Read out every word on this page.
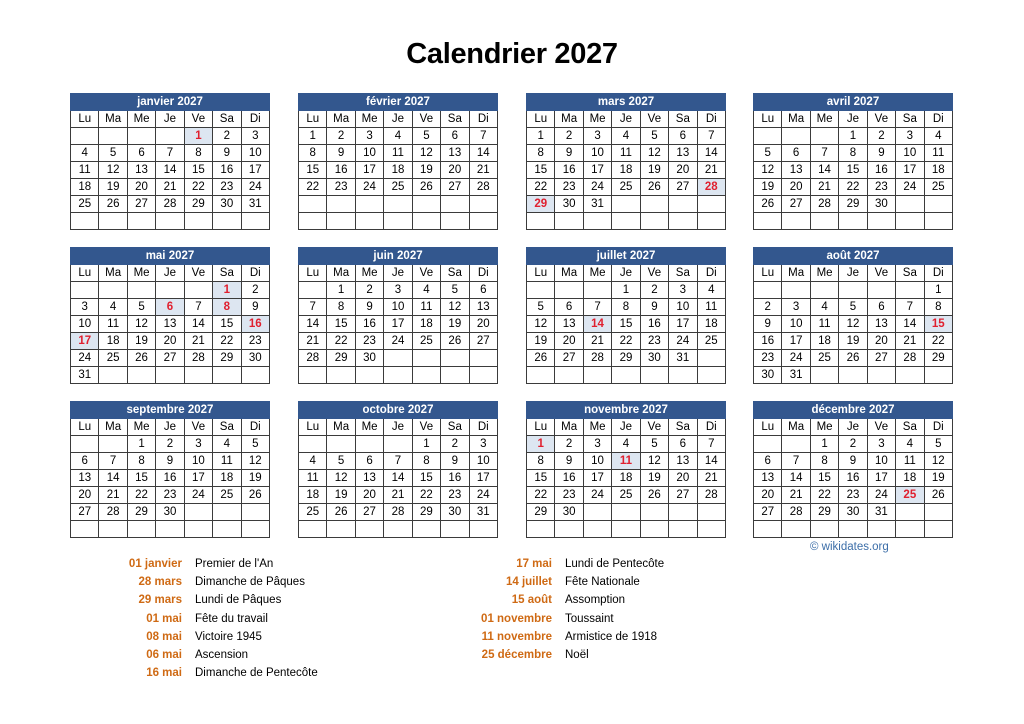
Calendrier 2027
janvier 2027						
Lu	Ma	Me	Je	Ve	Sa	Di
				1	2	3
4	5	6	7	8	9	10
11	12	13	14	15	16	17
18	19	20	21	22	23	24
25	26	27	28	29	30	31

février 2027						
Lu	Ma	Me	Je	Ve	Sa	Di
1	2	3	4	5	6	7
8	9	10	11	12	13	14
15	16	17	18	19	20	21
22	23	24	25	26	27	28

mars 2027						
Lu	Ma	Me	Je	Ve	Sa	Di
1	2	3	4	5	6	7
8	9	10	11	12	13	14
15	16	17	18	19	20	21
22	23	24	25	26	27	28
29	30	31				

avril 2027						
Lu	Ma	Me	Je	Ve	Sa	Di
			1	2	3	4
5	6	7	8	9	10	11
12	13	14	15	16	17	18
19	20	21	22	23	24	25
26	27	28	29	30		

mai 2027						
Lu	Ma	Me	Je	Ve	Sa	Di
					1	2
3	4	5	6	7	8	9
10	11	12	13	14	15	16
17	18	19	20	21	22	23
24	25	26	27	28	29	30
31						
juin 2027						
Lu	Ma	Me	Je	Ve	Sa	Di
	1	2	3	4	5	6
7	8	9	10	11	12	13
14	15	16	17	18	19	20
21	22	23	24	25	26	27
28	29	30				

juillet 2027						
Lu	Ma	Me	Je	Ve	Sa	Di
			1	2	3	4
5	6	7	8	9	10	11
12	13	14	15	16	17	18
19	20	21	22	23	24	25
26	27	28	29	30	31	

août 2027						
Lu	Ma	Me	Je	Ve	Sa	Di
						1
2	3	4	5	6	7	8
9	10	11	12	13	14	15
16	17	18	19	20	21	22
23	24	25	26	27	28	29
30	31					
septembre 2027						
Lu	Ma	Me	Je	Ve	Sa	Di
		1	2	3	4	5
6	7	8	9	10	11	12
13	14	15	16	17	18	19
20	21	22	23	24	25	26
27	28	29	30			

octobre 2027						
Lu	Ma	Me	Je	Ve	Sa	Di
				1	2	3
4	5	6	7	8	9	10
11	12	13	14	15	16	17
18	19	20	21	22	23	24
25	26	27	28	29	30	31

novembre 2027						
Lu	Ma	Me	Je	Ve	Sa	Di
1	2	3	4	5	6	7
8	9	10	11	12	13	14
15	16	17	18	19	20	21
22	23	24	25	26	27	28
29	30					

décembre 2027						
Lu	Ma	Me	Je	Ve	Sa	Di
		1	2	3	4	5
6	7	8	9	10	11	12
13	14	15	16	17	18	19
20	21	22	23	24	25	26
27	28	29	30	31		

01 janvier	Premier de l'An
28 mars	Dimanche de Pâques
29 mars	Lundi de Pâques
01 mai	Fête du travail
08 mai	Victoire 1945
06 mai	Ascension
16 mai	Dimanche de Pentecôte
17 mai	Lundi de Pentecôte
14 juillet	Fête Nationale
15 août	Assomption
01 novembre	Toussaint
11 novembre	Armistice de 1918
25 décembre	Noël
© wikidates.org
